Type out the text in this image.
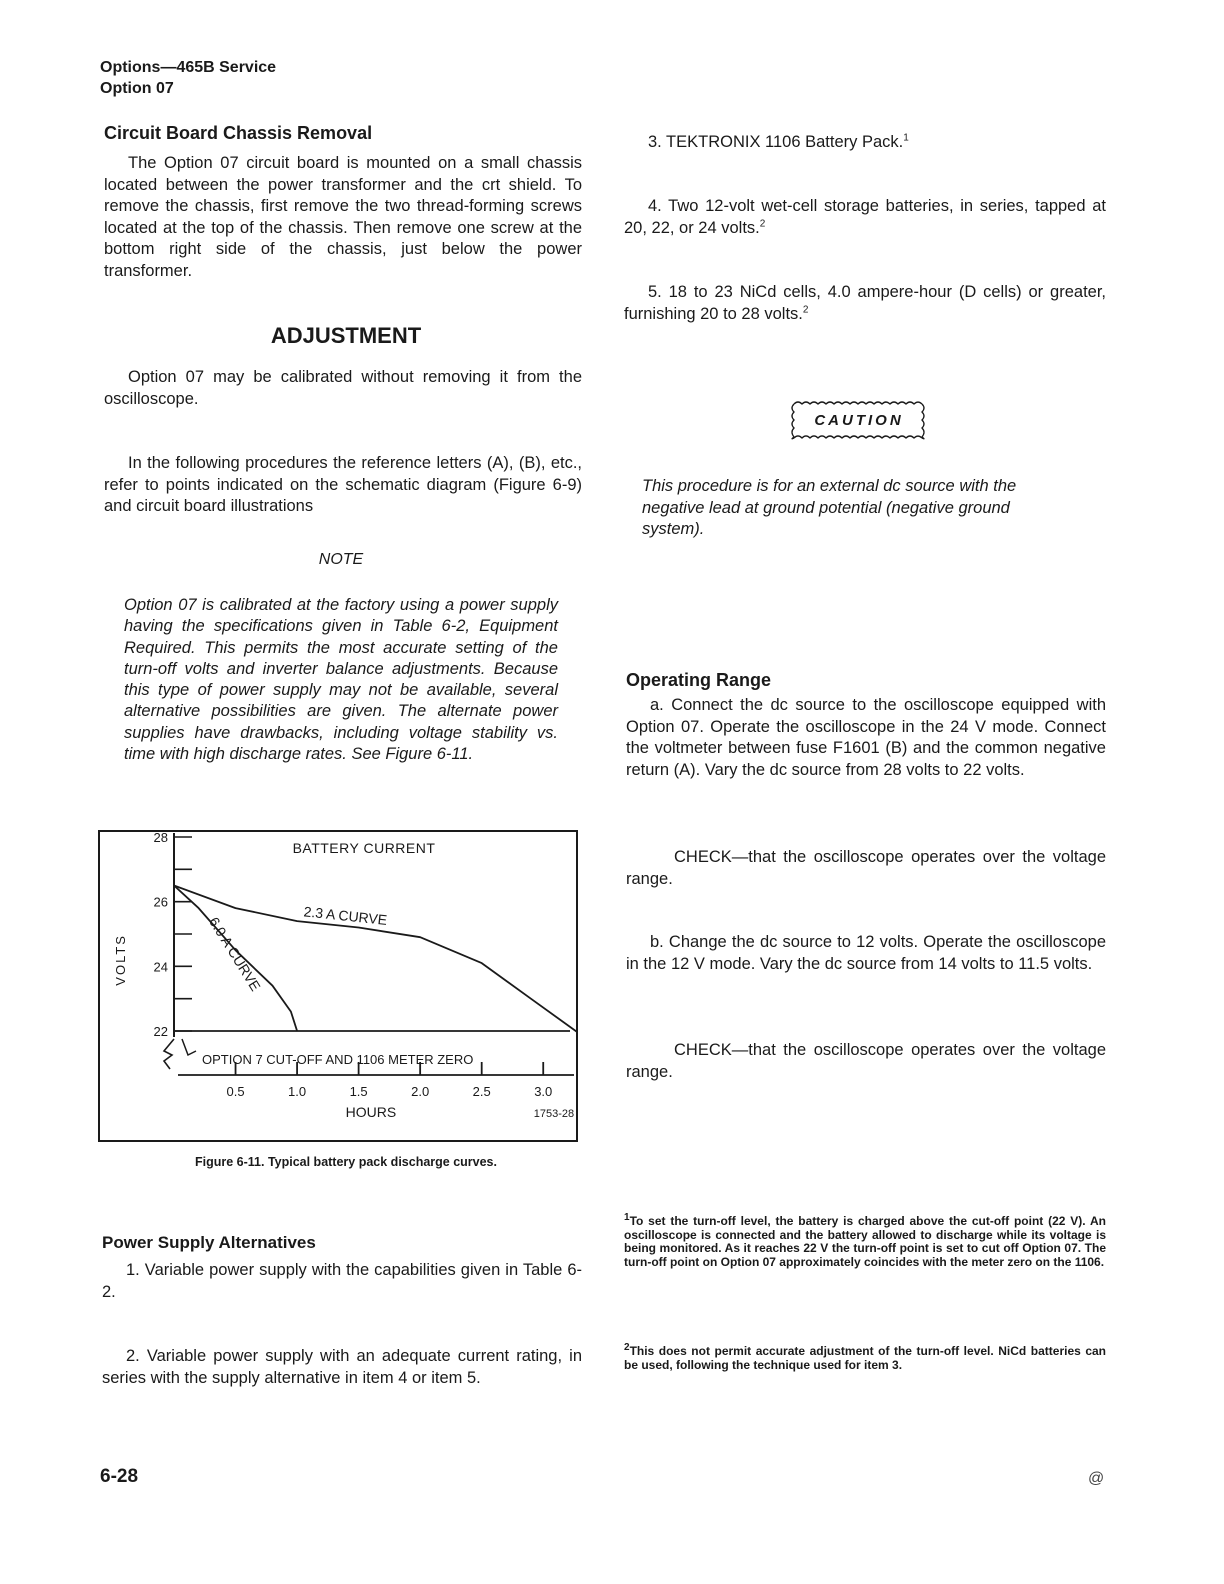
Options—465B Service
Option 07
Circuit Board Chassis Removal
The Option 07 circuit board is mounted on a small chassis located between the power transformer and the crt shield. To remove the chassis, first remove the two thread-forming screws located at the top of the chassis. Then remove one screw at the bottom right side of the chassis, just below the power transformer.
ADJUSTMENT
Option 07 may be calibrated without removing it from the oscilloscope.
In the following procedures the reference letters (A), (B), etc., refer to points indicated on the schematic diagram (Figure 6-9) and circuit board illustrations
NOTE
Option 07 is calibrated at the factory using a power supply having the specifications given in Table 6-2, Equipment Required. This permits the most accurate setting of the turn-off volts and inverter balance adjustments. Because this type of power supply may not be available, several alternative possibilities are given. The alternate power supplies have drawbacks, including voltage stability vs. time with high discharge rates. See Figure 6-11.
22
24
26
28
0.5	1.0	1.5	2.0	2.5	3.0
BATTERY CURRENT
HOURS	1753-28
VOLTS
OPTION 7 CUT-OFF AND 1106 METER ZERO
2.3 A CURVE
6.0 A CURVE
Figure 6-11. Typical battery pack discharge curves.
Power Supply Alternatives
1. Variable power supply with the capabilities given in Table 6-2.
2. Variable power supply with an adequate current rating, in series with the supply alternative in item 4 or item 5.
3. TEKTRONIX 1106 Battery Pack.$^1$
4. Two 12-volt wet-cell storage batteries, in series, tapped at 20, 22, or 24 volts.$^2$
5. 18 to 23 NiCd cells, 4.0 ampere-hour (D cells) or greater, furnishing 20 to 28 volts.$^2$
CAUTION
This procedure is for an external dc source with the negative lead at ground potential (negative ground system).
Operating Range
a. Connect the dc source to the oscilloscope equipped with Option 07. Operate the oscilloscope in the 24 V mode. Connect the voltmeter between fuse F1601 (B) and the common negative return (A). Vary the dc source from 28 volts to 22 volts.
CHECK—that the oscilloscope operates over the voltage range.
b. Change the dc source to 12 volts. Operate the oscilloscope in the 12 V mode. Vary the dc source from 14 volts to 11.5 volts.
CHECK—that the oscilloscope operates over the voltage range.
$^1$To set the turn-off level, the battery is charged above the cut-off point (22 V). An oscilloscope is connected and the battery allowed to discharge while its voltage is being monitored. As it reaches 22 V the turn-off point is set to cut off Option 07. The turn-off point on Option 07 approximately coincides with the meter zero on the 1106.
$^2$This does not permit accurate adjustment of the turn-off level. NiCd batteries can be used, following the technique used for item 3.
6-28	@
